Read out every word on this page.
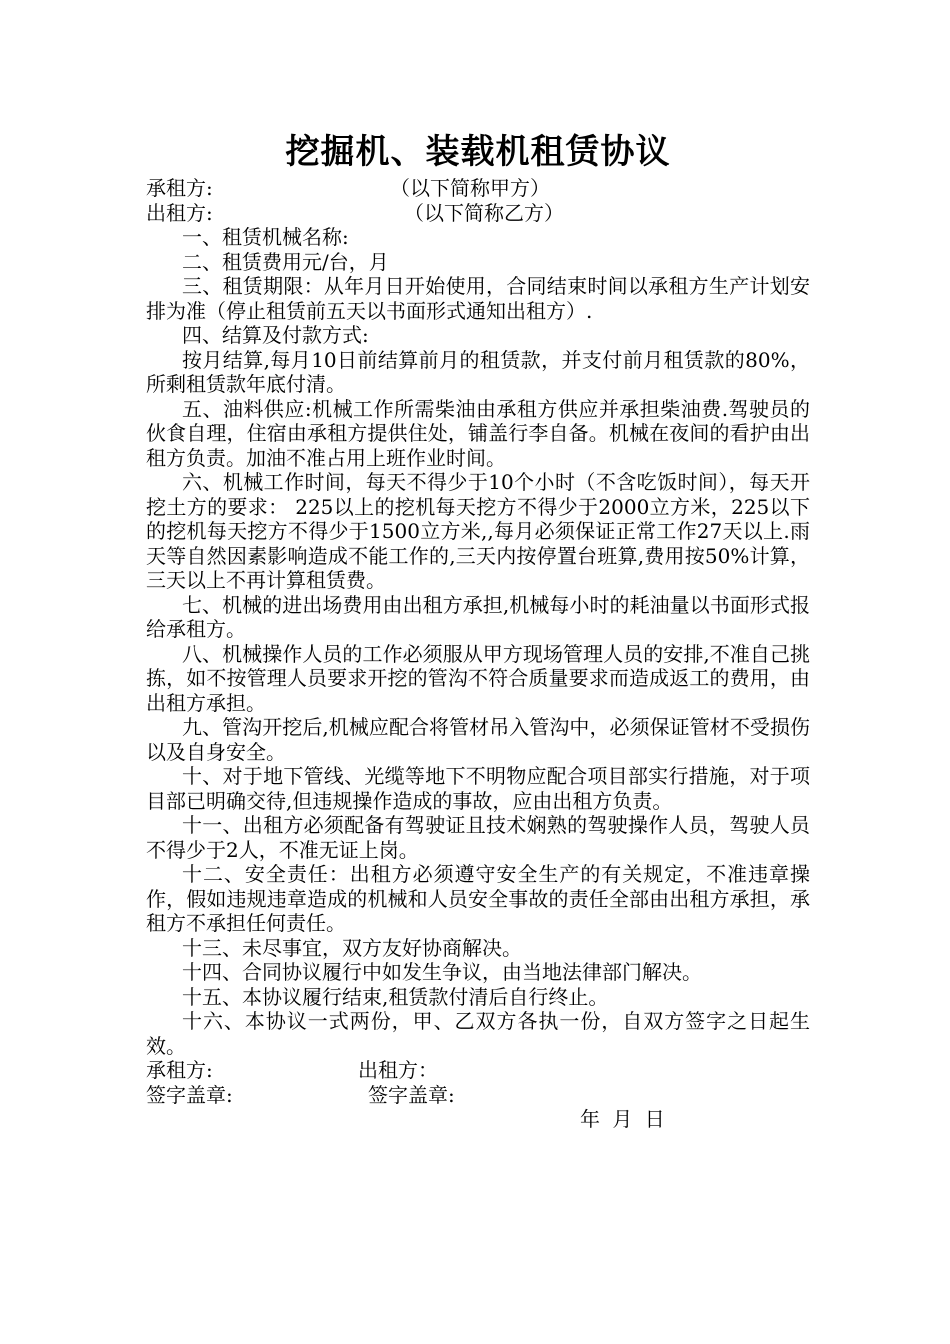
挖掘机、装载机租赁协议
承租方:	（以下简称甲方）
出租方:	（以下简称乙方）

一、租赁机械名称:

二、租赁费用元/台，月

三、租赁期限：从年月日开始使用，合同结束时间以承租方生产计划安排为准（停止租赁前五天以书面形式通知出租方）.

四、结算及付款方式:

按月结算,每月10日前结算前月的租赁款，并支付前月租赁款的80%，所剩租赁款年底付清。

五、油料供应:机械工作所需柴油由承租方供应并承担柴油费.驾驶员的伙食自理，住宿由承租方提供住处，铺盖行李自备。机械在夜间的看护由出租方负责。加油不准占用上班作业时间。

六、机械工作时间，每天不得少于10个小时（不含吃饭时间），每天开挖土方的要求： 225以上的挖机每天挖方不得少于2000立方米，225以下的挖机每天挖方不得少于1500立方米,,每月必须保证正常工作27天以上.雨天等自然因素影响造成不能工作的,三天内按停置台班算,费用按50%计算，三天以上不再计算租赁费。

七、机械的进出场费用由出租方承担,机械每小时的耗油量以书面形式报给承租方。

八、机械操作人员的工作必须服从甲方现场管理人员的安排,不准自己挑拣，如不按管理人员要求开挖的管沟不符合质量要求而造成返工的费用，由出租方承担。

九、管沟开挖后,机械应配合将管材吊入管沟中，必须保证管材不受损伤以及自身安全。

十、对于地下管线、光缆等地下不明物应配合项目部实行措施，对于项目部已明确交待,但违规操作造成的事故，应由出租方负责。

十一、出租方必须配备有驾驶证且技术娴熟的驾驶操作人员，驾驶人员不得少于2人，不准无证上岗。

十二、安全责任：出租方必须遵守安全生产的有关规定，不准违章操作，假如违规违章造成的机械和人员安全事故的责任全部由出租方承担，承租方不承担任何责任。

十三、未尽事宜，双方友好协商解决。

十四、合同协议履行中如发生争议，由当地法律部门解决。

十五、本协议履行结束,租赁款付清后自行终止。

十六、本协议一式两份，甲、乙双方各执一份，自双方签字之日起生效。

承租方:	出租方：
签字盖章:	签字盖章:
年 月 日
